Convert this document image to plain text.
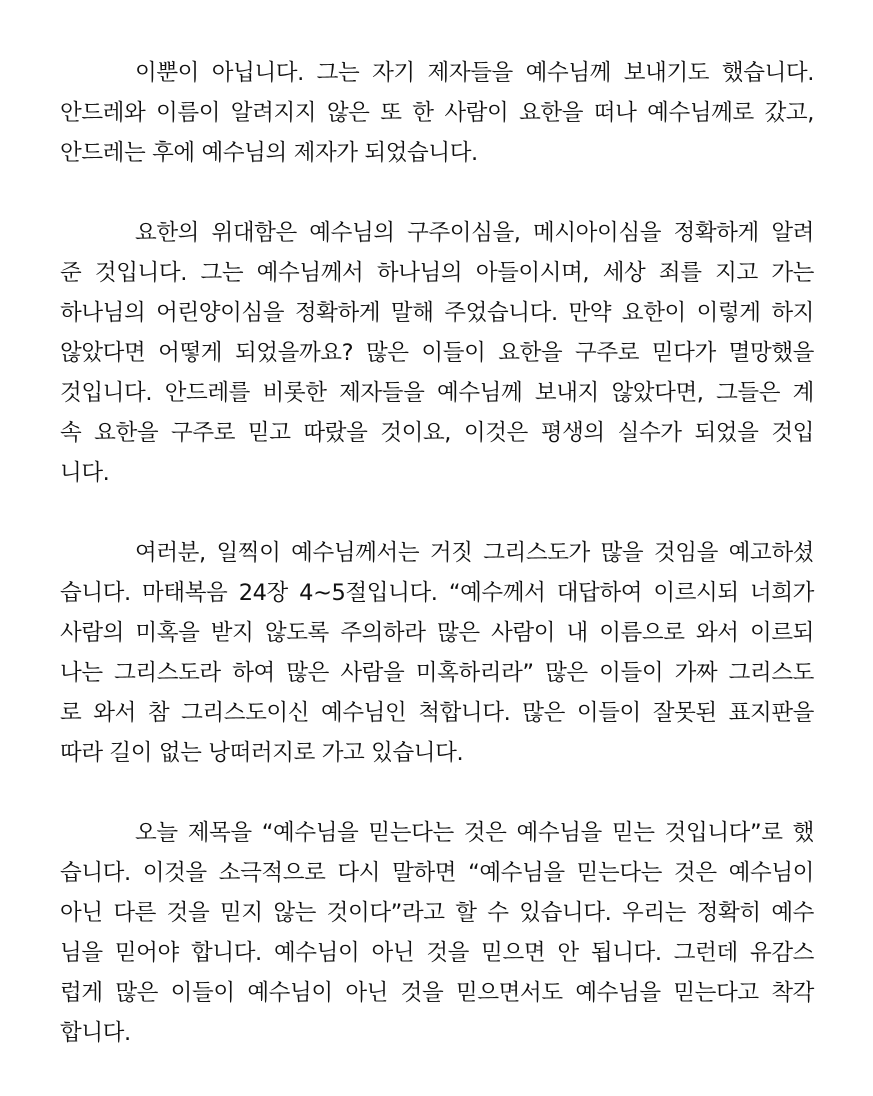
이뿐이 아닙니다. 그는 자기 제자들을 예수님께 보내기도 했습니다.
안드레와 이름이 알려지지 않은 또 한 사람이 요한을 떠나 예수님께로 갔고,
안드레는 후에 예수님의 제자가 되었습니다.
요한의 위대함은 예수님의 구주이심을, 메시아이심을 정확하게 알려
준 것입니다. 그는 예수님께서 하나님의 아들이시며, 세상 죄를 지고 가는
하나님의 어린양이심을 정확하게 말해 주었습니다. 만약 요한이 이렇게 하지
않았다면 어떻게 되었을까요? 많은 이들이 요한을 구주로 믿다가 멸망했을
것입니다. 안드레를 비롯한 제자들을 예수님께 보내지 않았다면, 그들은 계
속 요한을 구주로 믿고 따랐을 것이요, 이것은 평생의 실수가 되었을 것입
니다.
여러분, 일찍이 예수님께서는 거짓 그리스도가 많을 것임을 예고하셨
습니다. 마태복음 24장 4~5절입니다. “예수께서 대답하여 이르시되 너희가
사람의 미혹을 받지 않도록 주의하라 많은 사람이 내 이름으로 와서 이르되
나는 그리스도라 하여 많은 사람을 미혹하리라” 많은 이들이 가짜 그리스도
로 와서 참 그리스도이신 예수님인 척합니다. 많은 이들이 잘못된 표지판을
따라 길이 없는 낭떠러지로 가고 있습니다.
오늘 제목을 “예수님을 믿는다는 것은 예수님을 믿는 것입니다”로 했
습니다. 이것을 소극적으로 다시 말하면 “예수님을 믿는다는 것은 예수님이
아닌 다른 것을 믿지 않는 것이다”라고 할 수 있습니다. 우리는 정확히 예수
님을 믿어야 합니다. 예수님이 아닌 것을 믿으면 안 됩니다. 그런데 유감스
럽게 많은 이들이 예수님이 아닌 것을 믿으면서도 예수님을 믿는다고 착각
합니다.
